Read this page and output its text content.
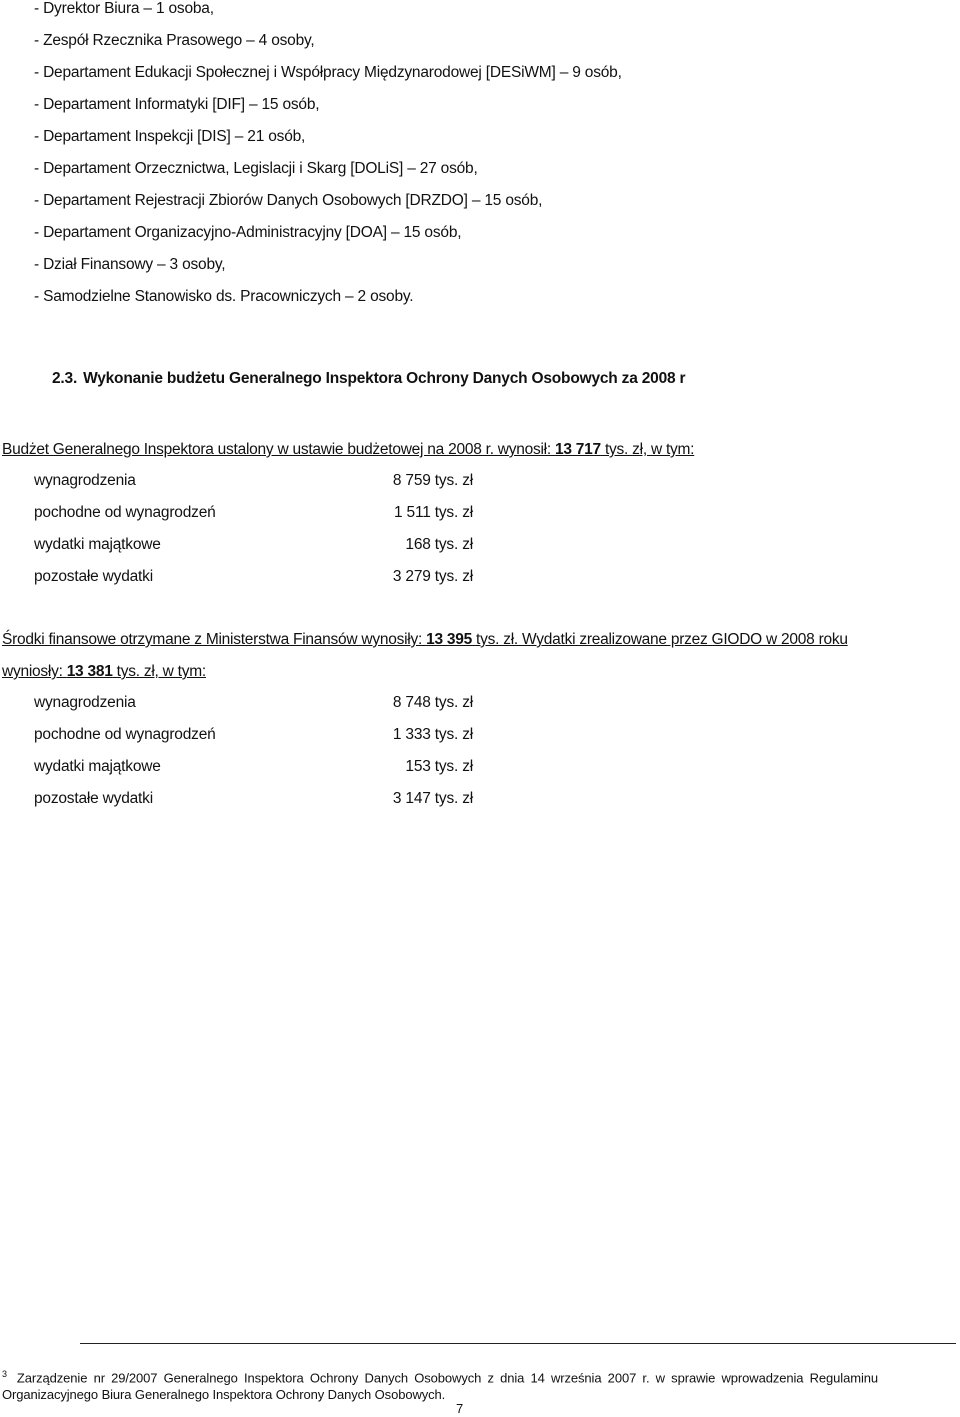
- Dyrektor Biura – 1 osoba,
- Zespół Rzecznika Prasowego – 4 osoby,
- Departament Edukacji Społecznej i Współpracy Międzynarodowej [DESiWM] – 9 osób,
- Departament Informatyki [DIF] – 15 osób,
- Departament Inspekcji [DIS] – 21 osób,
- Departament Orzecznictwa, Legislacji i Skarg [DOLiS] – 27 osób,
- Departament Rejestracji Zbiorów Danych Osobowych [DRZDO] – 15 osób,
- Departament Organizacyjno-Administracyjny [DOA] – 15 osób,
- Dział Finansowy – 3 osoby,
- Samodzielne Stanowisko ds. Pracowniczych – 2 osoby.
2.3. Wykonanie budżetu Generalnego Inspektora Ochrony Danych Osobowych za 2008 r
Budżet Generalnego Inspektora ustalony w ustawie budżetowej na 2008 r. wynosił: 13 717 tys. zł, w tym:
wynagrodzenia	8 759 tys. zł
pochodne od wynagrodzeń	1 511 tys. zł
wydatki majątkowe	168 tys. zł
pozostałe wydatki	3 279 tys. zł
Środki finansowe otrzymane z Ministerstwa Finansów wynosiły: 13 395 tys. zł. Wydatki zrealizowane przez GIODO w 2008 roku
wyniosły: 13 381 tys. zł, w tym:
wynagrodzenia	8 748 tys. zł
pochodne od wynagrodzeń	1 333 tys. zł
wydatki majątkowe	153 tys. zł
pozostałe wydatki	3 147 tys. zł
$^3$ Zarządzenie nr 29/2007 Generalnego Inspektora Ochrony Danych Osobowych z dnia 14 września 2007 r. w sprawie wprowadzenia Regulaminu Organizacyjnego Biura Generalnego Inspektora Ochrony Danych Osobowych.
7
